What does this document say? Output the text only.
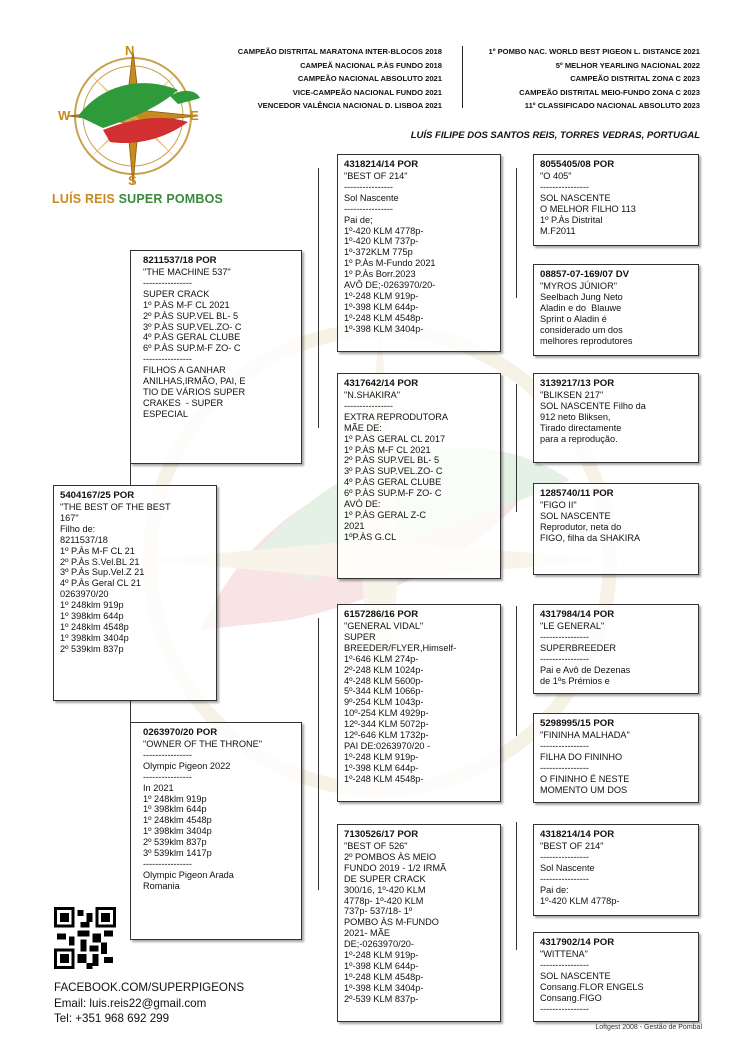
N
S
W	E
LUÍS REIS SUPER POMBOS
CAMPEÃO DISTRITAL MARATONA INTER-BLOCOS 2018
CAMPEÃ NACIONAL P.ÀS FUNDO 2018
CAMPEÃO NACIONAL ABSOLUTO 2021
VICE-CAMPEÃO NACIONAL FUNDO 2021
VENCEDOR VALÊNCIA NACIONAL D. LISBOA 2021
1º POMBO NAC. WORLD BEST PIGEON L. DISTANCE 2021
5º MELHOR YEARLING NACIONAL 2022
CAMPEÃO DISTRITAL ZONA C 2023
CAMPEÃO DISTRITAL MEIO-FUNDO ZONA C 2023
11º CLASSIFICADO NACIONAL ABSOLUTO 2023
LUÍS FILIPE DOS SANTOS REIS, TORRES VEDRAS, PORTUGAL
5404167/25 POR
"THE BEST OF THE BEST
167"
Filho de:
8211537/18
1º P.Às M-F CL 21
2º P.Às S.Vel.BL 21
3º P.Às Sup.Vel.Z 21
4º P.Às Geral CL 21
0263970/20
1º 248klm 919p
1º 398klm 644p
1º 248klm 4548p
1º 398klm 3404p
2º 539klm 837p
8211537/18 POR
"THE MACHINE 537"
----------------
SUPER CRACK
1º P.ÀS M-F CL 2021
2º P.ÀS SUP.VEL BL- 5
3º P.ÀS SUP.VEL.ZO- C
4º P.ÀS GERAL CLUBE
6º P.ÀS SUP.M-F ZO- C
----------------
FILHOS A GANHAR
ANILHAS,IRMÃO, PAI, E
TIO DE VÁRIOS SUPER
CRAKES  - SUPER
ESPECIAL
0263970/20 POR
"OWNER OF THE THRONE"
----------------
Olympic Pigeon 2022
----------------
In 2021
1º 248klm 919p
1º 398klm 644p
1º 248klm 4548p
1º 398klm 3404p
2º 539klm 837p
3º 539klm 1417p
----------------
Olympic Pigeon Arada
Romania
4318214/14 POR
"BEST OF 214"
----------------
Sol Nascente
----------------
Pai de;
1º-420 KLM 4778p-
1º-420 KLM 737p-
1º-372KLM 775p
1º P.Às M-Fundo 2021
1º P.Às Borr.2023
AVÔ DE;-0263970/20-
1º-248 KLM 919p-
1º-398 KLM 644p-
1º-248 KLM 4548p-
1º-398 KLM 3404p-
4317642/14 POR
"N.SHAKIRA"
----------------
EXTRA REPRODUTORA
MÃE DE:
1º P.ÀS GERAL CL 2017
1º P.ÀS M-F CL 2021
2º P.ÀS SUP.VEL BL- 5
3º P.ÀS SUP.VEL.ZO- C
4º P.ÀS GERAL CLUBE
6º P.ÀS SUP.M-F ZO- C
AVÓ DE:
1º P.ÀS GERAL Z-C
2021
1ºP.ÀS G.CL
6157286/16 POR
"GENERAL VIDAL"
SUPER
BREEDER/FLYER,Himself-
1º-646 KLM 274p-
2º-248 KLM 1024p-
4º-248 KLM 5600p-
5º-344 KLM 1066p-
9º-254 KLM 1043p-
10º-254 KLM 4929p-
12º-344 KLM 5072p-
12º-646 KLM 1732p-
PAI DE:0263970/20 -
1º-248 KLM 919p-
1º-398 KLM 644p-
1º-248 KLM 4548p-
7130526/17 POR
"BEST OF 526"
2º POMBOS ÀS MEIO
FUNDO 2019 - 1/2 IRMÃ
DE SUPER CRACK
300/16, 1º-420 KLM
4778p- 1º-420 KLM
737p- 537/18- 1º
POMBO ÀS M-FUNDO
2021- MÃE
DE;-0263970/20-
1º-248 KLM 919p-
1º-398 KLM 644p-
1º-248 KLM 4548p-
1º-398 KLM 3404p-
2º-539 KLM 837p-
8055405/08 POR
"O 405"
----------------
SOL NASCENTE
O MELHOR FILHO 113
1º P.Às Distrital
M.F2011
08857-07-169/07 DV
"MYROS JÚNIOR"
Seelbach Jung Neto
Aladin e do  Blauwe
Sprint o Aladin é
considerado um dos
melhores reprodutores
3139217/13 POR
"BLIKSEN 217"
SOL NASCENTE Filho da
912 neto Bliksen,
Tirado directamente
para a reprodução.
1285740/11 POR
"FIGO II"
SOL NASCENTE
Reprodutor, neta do
FIGO, filha da SHAKIRA
4317984/14 POR
"LE GENERAL"
----------------
SUPERBREEDER
----------------
Pai e Avô de Dezenas
de 1ºs Prémios e
5298995/15 POR
"FININHA MALHADA"
----------------
FILHA DO FININHO
----------------
O FININHO É NESTE
MOMENTO UM DOS
4318214/14 POR
"BEST OF 214"
----------------
Sol Nascente
----------------
Pai de:
1º-420 KLM 4778p-
4317902/14 POR
"WITTENA"
----------------
SOL NASCENTE
Consang.FLOR ENGELS
Consang.FIGO
----------------
FACEBOOK.COM/SUPERPIGEONS
Email: luis.reis22@gmail.com
Tel: +351 968 692 299
Loftgest 2008 - Gestão de Pombal
